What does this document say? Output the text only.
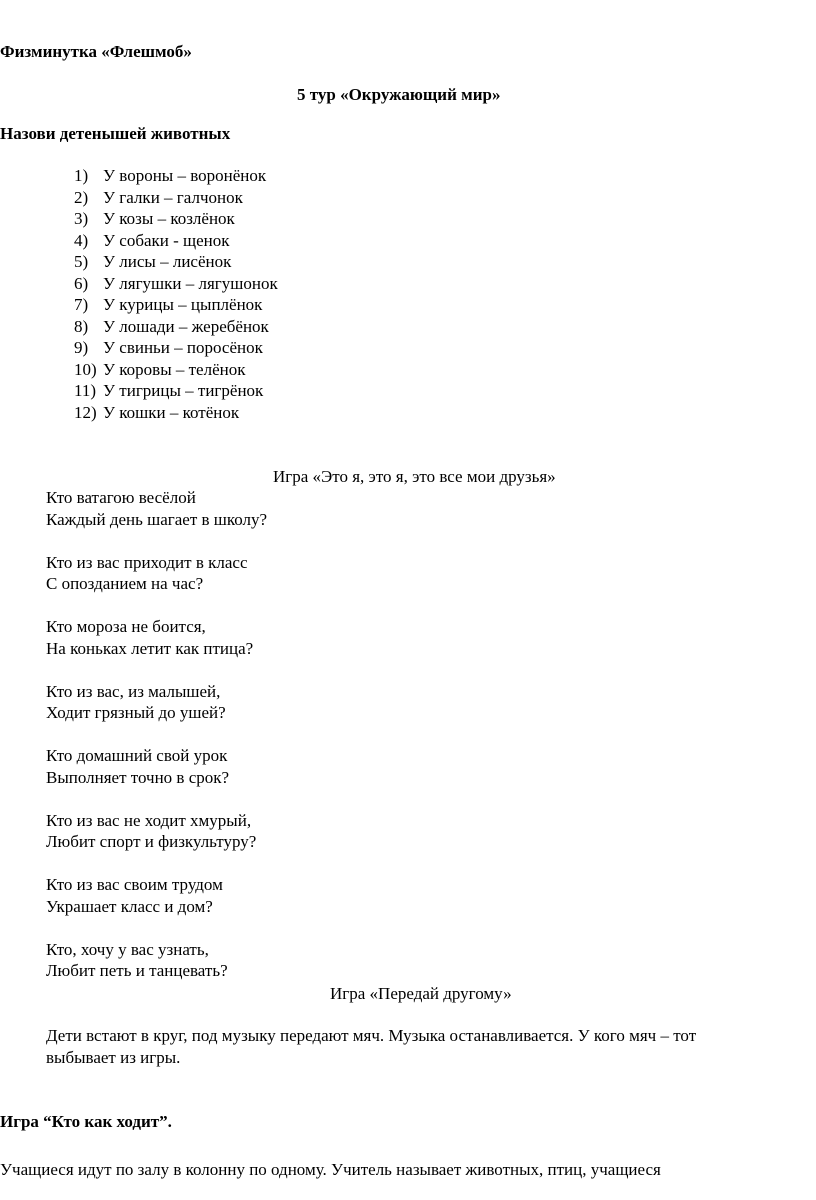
Физминутка «Флешмоб»

5 тур «Окружающий мир»

Назови детенышей животных

1) У вороны – воронёнок

2) У галки – галчонок

3) У козы – козлёнок

4) У собаки - щенок

5) У лисы – лисёнок

6) У лягушки – лягушонок

7) У курицы – цыплёнок

8) У лошади – жеребёнок

9) У свиньи – поросёнок

10) У коровы – телёнок

11) У тигрицы – тигрёнок

12) У кошки – котёнок

Игра «Это я, это я, это все мои друзья»

Кто ватагою весёлой

Каждый день шагает в школу?

Кто из вас приходит в класс

С опозданием на час?

Кто мороза не боится,

На коньках летит как птица?

Кто из вас, из малышей,

Ходит грязный до ушей?

Кто домашний свой урок

Выполняет точно в срок?

Кто из вас не ходит хмурый,

Любит спорт и физкультуру?

Кто из вас своим трудом

Украшает класс и дом?

Кто, хочу у вас узнать,

Любит петь и танцевать?

Игра «Передай другому»

Дети встают в круг, под музыку передают мяч. Музыка останавливается. У кого мяч – тот

выбывает из игры.

Игра “Кто как ходит”.

Учащиеся идут по залу в колонну по одному. Учитель называет животных, птиц, учащиеся
